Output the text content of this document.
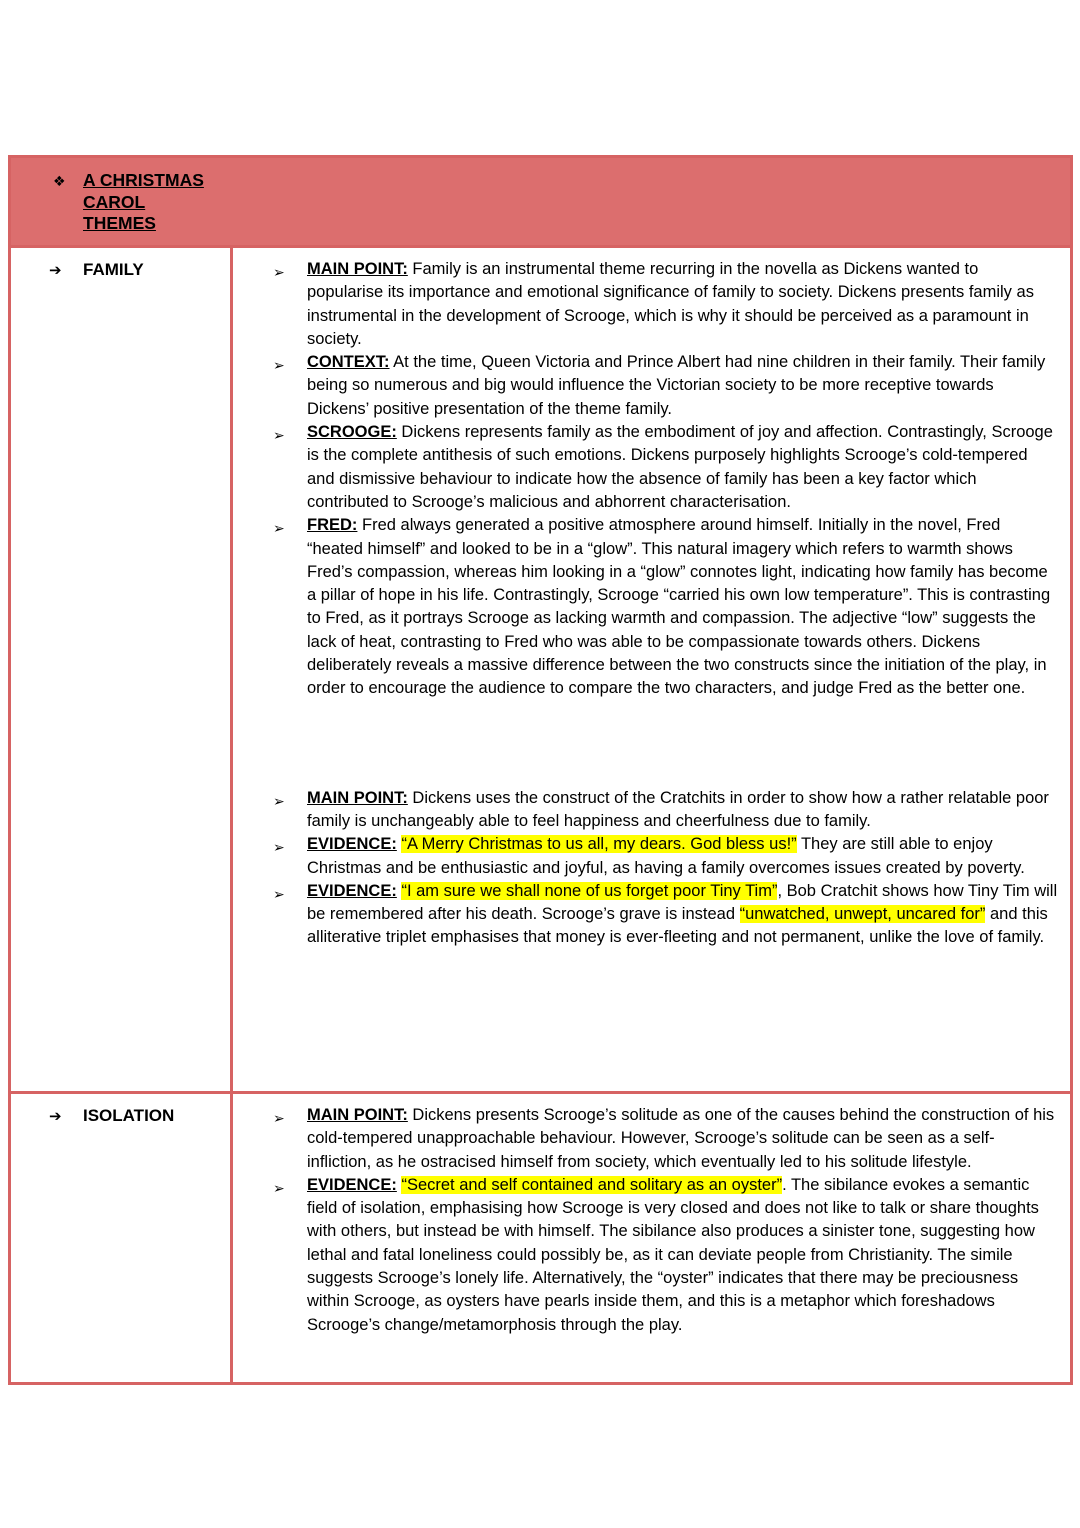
❖ A CHRISTMAS
CAROL
THEMES
➔ FAMILY	➢ MAIN POINT: Family is an instrumental theme recurring in the novella as Dickens wanted to popularise its importance and emotional significance of family to society. Dickens presents family as instrumental in the development of Scrooge, which is why it should be perceived as a paramount in society.
➢ CONTEXT: At the time, Queen Victoria and Prince Albert had nine children in their family. Their family being so numerous and big would influence the Victorian society to be more receptive towards Dickens’ positive presentation of the theme family.
➢ SCROOGE: Dickens represents family as the embodiment of joy and affection. Contrastingly, Scrooge is the complete antithesis of such emotions. Dickens purposely highlights Scrooge’s cold-tempered and dismissive behaviour to indicate how the absence of family has been a key factor which contributed to Scrooge’s malicious and abhorrent characterisation.
➢ FRED: Fred always generated a positive atmosphere around himself. Initially in the novel, Fred “heated himself” and looked to be in a “glow”. This natural imagery which refers to warmth shows Fred’s compassion, whereas him looking in a “glow” connotes light, indicating how family has become a pillar of hope in his life. Contrastingly, Scrooge “carried his own low temperature”. This is contrasting to Fred, as it portrays Scrooge as lacking warmth and compassion. The adjective “low” suggests the lack of heat, contrasting to Fred who was able to be compassionate towards others. Dickens deliberately reveals a massive difference between the two constructs since the initiation of the play, in order to encourage the audience to compare the two characters, and judge Fred as the better one.
➢ MAIN POINT: Dickens uses the construct of the Cratchits in order to show how a rather relatable poor family is unchangeably able to feel happiness and cheerfulness due to family.
➢ EVIDENCE: “A Merry Christmas to us all, my dears. God bless us!” They are still able to enjoy Christmas and be enthusiastic and joyful, as having a family overcomes issues created by poverty.
➢ EVIDENCE: “I am sure we shall none of us forget poor Tiny Tim”, Bob Cratchit shows how Tiny Tim will be remembered after his death. Scrooge’s grave is instead “unwatched, unwept, uncared for” and this alliterative triplet emphasises that money is ever-fleeting and not permanent, unlike the love of family.
➔ ISOLATION	➢ MAIN POINT: Dickens presents Scrooge’s solitude as one of the causes behind the construction of his cold-tempered unapproachable behaviour. However, Scrooge’s solitude can be seen as a self-infliction, as he ostracised himself from society, which eventually led to his solitude lifestyle.
➢ EVIDENCE: “Secret and self contained and solitary as an oyster”. The sibilance evokes a semantic field of isolation, emphasising how Scrooge is very closed and does not like to talk or share thoughts with others, but instead be with himself. The sibilance also produces a sinister tone, suggesting how lethal and fatal loneliness could possibly be, as it can deviate people from Christianity. The simile suggests Scrooge’s lonely life. Alternatively, the “oyster” indicates that there may be preciousness within Scrooge, as oysters have pearls inside them, and this is a metaphor which foreshadows Scrooge’s change/metamorphosis through the play.
